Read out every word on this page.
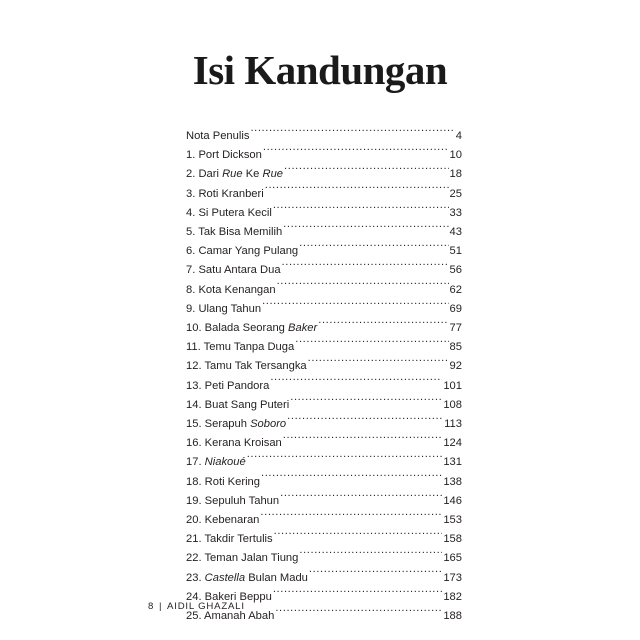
Isi Kandungan
Nota Penulis .....	4
1. Port Dickson .....	10
2. Dari Rue Ke Rue .....	18
3. Roti Kranberi .....	25
4. Si Putera Kecil .....	33
5. Tak Bisa Memilih .....	43
6. Camar Yang Pulang .....	51
7. Satu Antara Dua .....	56
8. Kota Kenangan .....	62
9. Ulang Tahun .....	69
10. Balada Seorang Baker .....	77
11. Temu Tanpa Duga .....	85
12. Tamu Tak Tersangka .....	92
13. Peti Pandora .....	101
14. Buat Sang Puteri .....	108
15. Serapuh Soboro .....	113
16. Kerana Kroisan .....	124
17. Niakoué .....	131
18. Roti Kering .....	138
19. Sepuluh Tahun .....	146
20. Kebenaran .....	153
21. Takdir Tertulis .....	158
22. Teman Jalan Tiung .....	165
23. Castella Bulan Madu .....	173
24. Bakeri Beppu .....	182
25. Amanah Abah .....	188
8 | AIDIL GHAZALI
